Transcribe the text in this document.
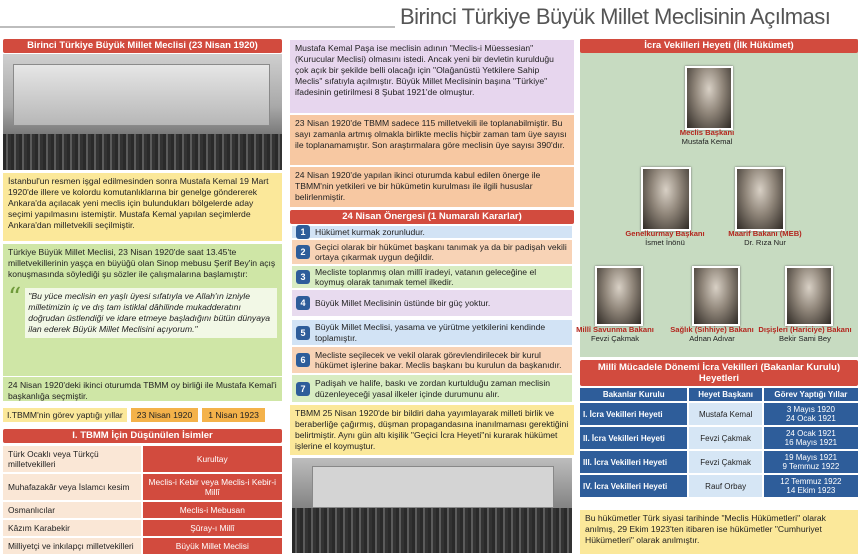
Birinci Türkiye Büyük Millet Meclisinin Açılması
Birinci Türkiye Büyük Millet Meclisi (23 Nisan 1920)
İstanbul'un resmen işgal edilmesinden sonra Mustafa Kemal 19 Mart 1920'de illere ve kolordu komutanlıklarına bir genelge göndererek Ankara'da açılacak yeni meclis için bulundukları bölgelerde aday seçimi yapılmasını istemiştir. Mustafa Kemal yapılan seçimlerde Ankara'dan milletvekili seçilmiştir.
Türkiye Büyük Millet Meclisi, 23 Nisan 1920'de saat 13.45'te milletvekillerinin yaşça en büyüğü olan Sinop mebusu Şerif Bey'in açış konuşmasında söylediği şu sözler ile çalışmalarına başlamıştır:
“ "Bu yüce meclisin en yaşlı üyesi sıfatıyla ve Allah'ın izniyle milletimizin iç ve dış tam istiklal dâhilinde mukadderatını doğrudan üstlendiği ve idare etmeye başladığını bütün dünyaya ilan ederek Büyük Millet Meclisini açıyorum."
24 Nisan 1920'deki ikinci oturumda TBMM oy birliği ile Mustafa Kemal'i başkanlığa seçmiştir.
I.TBMM'nin görev yaptığı yıllar	23 Nisan 1920	1 Nisan 1923
I. TBMM İçin Düşünülen İsimler
Türk Ocaklı veya Türkçü milletvekilleri	Kurultay
Muhafazakâr veya İslamcı kesim	Meclis-i Kebir veya Meclis-i Kebir-i Millî
Osmanlıcılar	Meclis-i Mebusan
Kâzım Karabekir	Şûray-ı Millî
Milliyetçi ve inkılapçı milletvekilleri	Büyük Millet Meclisi
Mustafa Kemal Paşa ise meclisin adının "Meclis-i Müessesian" (Kurucular Meclisi) olmasını istedi. Ancak yeni bir devletin kurulduğu çok açık bir şekilde belli olacağı için "Olağanüstü Yetkilere Sahip Meclis" sıfatıyla açılmıştır. Büyük Millet Meclisinin başına "Türkiye" ifadesinin getirilmesi 8 Şubat 1921'de olmuştur.
23 Nisan 1920'de TBMM sadece 115 milletvekili ile toplanabilmiştir. Bu sayı zamanla artmış olmakla birlikte meclis hiçbir zaman tam üye sayısı ile toplanamamıştır. Son araştırmalara göre meclisin üye sayısı 390'dır.
24 Nisan 1920'de yapılan ikinci oturumda kabul edilen önerge ile TBMM'nin yetkileri ve bir hükümetin kurulması ile ilgili hususlar belirlenmiştir.
24 Nisan Önergesi (1 Numaralı Kararlar)
1	Hükümet kurmak zorunludur.
2
Geçici olarak bir hükümet başkanı tanımak ya da bir padişah vekili ortaya çıkarmak uygun değildir.
3
Mecliste toplanmış olan millî iradeyi, vatanın geleceğine el koymuş olarak tanımak temel ilkedir.
4	Büyük Millet Meclisinin üstünde bir güç yoktur.
5
Büyük Millet Meclisi, yasama ve yürütme yetkilerini kendinde toplamıştır.
6
Mecliste seçilecek ve vekil olarak görevlendirilecek bir kurul hükümet işlerine bakar. Meclis başkanı bu kurulun da başkanıdır.
7
Padişah ve halife, baskı ve zordan kurtulduğu zaman meclisin düzenleyeceği yasal ilkeler içinde durumunu alır.
TBMM 25 Nisan 1920'de bir bildiri daha yayımlayarak milleti birlik ve beraberliğe çağırmış, düşman propagandasına inanılmaması gerektiğini belirtmiştir. Aynı gün altı kişilik "Geçici İcra Heyeti"ni kurarak hükümet işlerine el koymuştur.
İcra Vekilleri Heyeti (İlk Hükümet)
Meclis Başkanı
Mustafa Kemal
Genelkurmay Başkanı
İsmet İnönü
Maarif Bakanı (MEB)
Dr. Rıza Nur
Millî Savunma Bakanı
Fevzi Çakmak
Sağlık (Sıhhiye) Bakanı
Adnan Adıvar
Dışişleri (Hariciye) Bakanı
Bekir Sami Bey
Millî Mücadele Dönemi İcra Vekilleri (Bakanlar Kurulu) Heyetleri
Bakanlar Kurulu	Heyet Başkanı	Görev Yaptığı Yıllar
I. İcra Vekilleri Heyeti	Mustafa Kemal	3 Mayıs 1920
24 Ocak 1921

II. İcra Vekilleri Heyeti	Fevzi Çakmak	24 Ocak 1921
16 Mayıs 1921

III. İcra Vekilleri Heyeti	Fevzi Çakmak	19 Mayıs 1921
9 Temmuz 1922

IV. İcra Vekilleri Heyeti	Rauf Orbay	12 Temmuz 1922
14 Ekim 1923
Bu hükümetler Türk siyasi tarihinde "Meclis Hükümetleri" olarak anılmış, 29 Ekim 1923'ten itibaren ise hükümetler "Cumhuriyet Hükümetleri" olarak anılmıştır.
